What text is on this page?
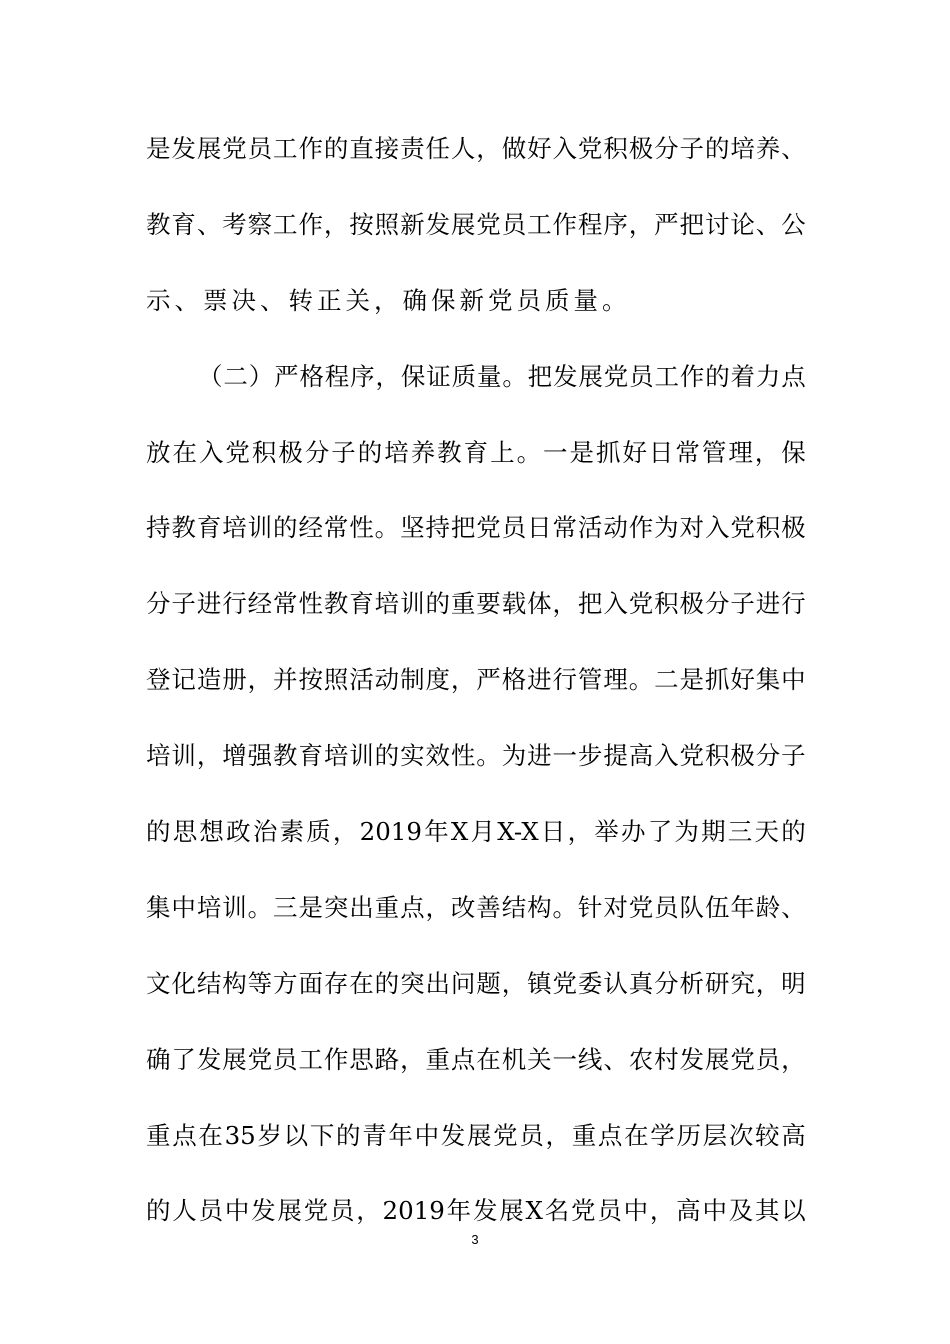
是 发 展 党 员 工 作 的 直 接 责 任 人 ， 做 好 入 党 积 极 分 子 的 培 养 、
教 育 、 考 察 工 作 ， 按 照 新 发 展 党 员 工 作 程 序 ， 严 把 讨 论 、 公
示、票决、转正关，确保新党员质量。
（ 二 ） 严 格 程 序 ， 保 证 质 量 。 把 发 展 党 员 工 作 的 着 力 点
放 在 入 党 积 极 分 子 的 培 养 教 育 上 。 一 是 抓 好 日 常 管 理 ， 保
持 教 育 培 训 的 经 常 性 。 坚 持 把 党 员 日 常 活 动 作 为 对 入 党 积 极
分 子 进 行 经 常 性 教 育 培 训 的 重 要 载 体 ， 把 入 党 积 极 分 子 进 行
登 记 造 册 ， 并 按 照 活 动 制 度 ， 严 格 进 行 管 理 。 二 是 抓 好 集 中
培 训 ， 增 强 教 育 培 训 的 实 效 性 。 为 进 一 步 提 高 入 党 积 极 分 子
的 思 想 政 治 素 质 ， 2019 年 X 月 X-X 日 ， 举 办 了 为 期 三 天 的
集 中 培 训 。 三 是 突 出 重 点 ， 改 善 结 构 。 针 对 党 员 队 伍 年 龄 、
文 化 结 构 等 方 面 存 在 的 突 出 问 题 ， 镇 党 委 认 真 分 析 研 究 ， 明
确 了 发 展 党 员 工 作 思 路 ， 重 点 在 机 关 一 线 、 农 村 发 展 党 员 ，
重 点 在 35 岁 以 下 的 青 年 中 发 展 党 员 ， 重 点 在 学 历 层 次 较 高
的 人 员 中 发 展 党 员 ， 2019 年 发 展 X 名 党 员 中 ， 高 中 及 其 以
3
